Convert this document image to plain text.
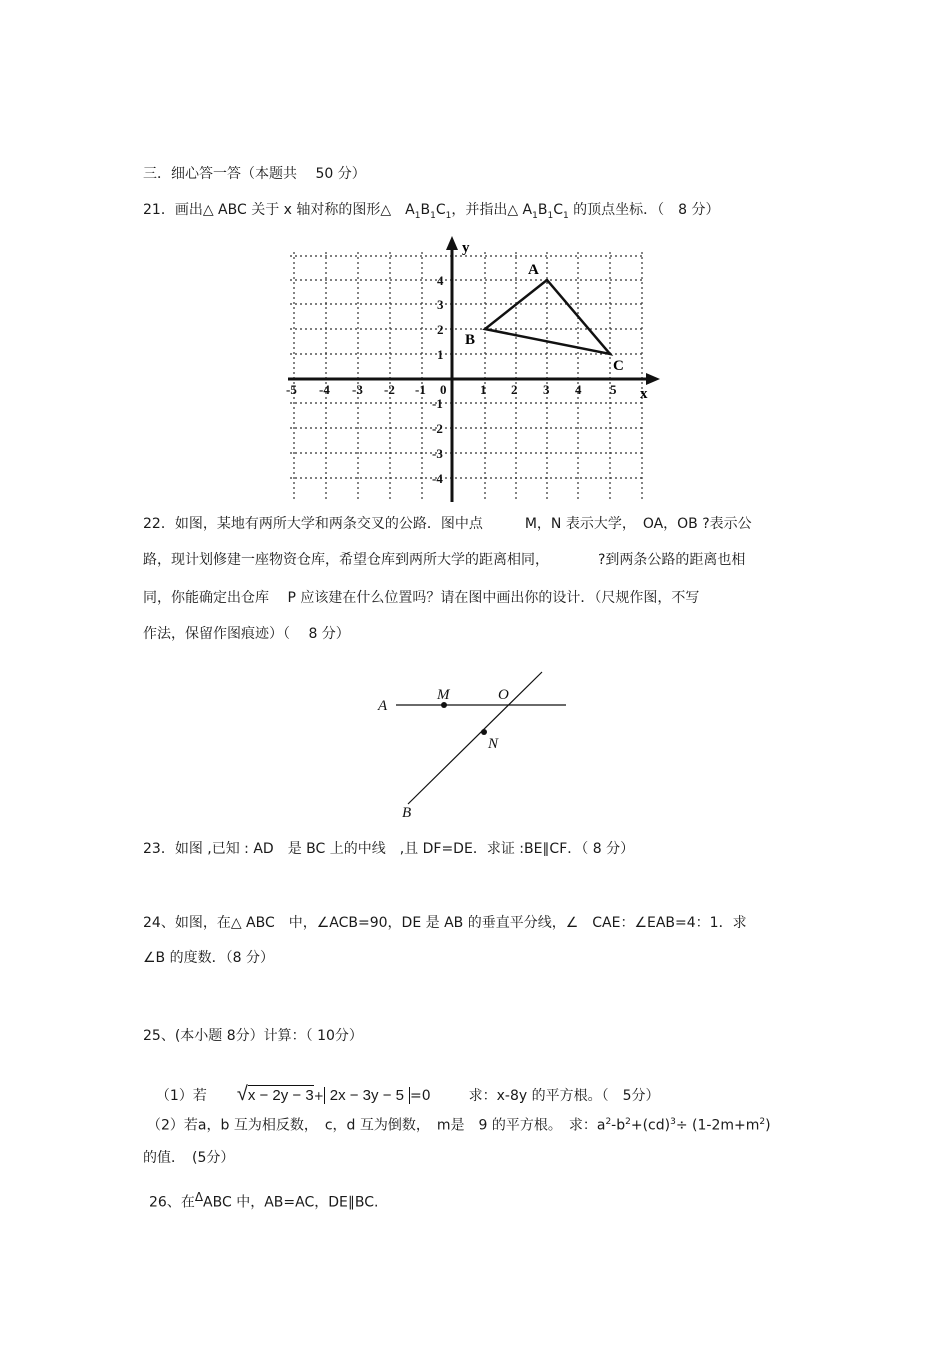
三．细心答一答（本题共　 50 分）
21．画出△ ABC 关于 x 轴对称的图形△　$A_1B_1C_1$，并指出△ $A_1B_1C_1$ 的顶点坐标．（　8 分）
-5 -4 -3 -2 -1 0	1 2 3 4 5
4
3
2
1
-1
-2
-3
-4
x
y
A
B
C
22．如图，某地有两所大学和两条交叉的公路．图中点　　　M，N 表示大学，　OA，OB ?表示公
路，现计划修建一座物资仓库，希望仓库到两所大学的距离相同，　　　　?到两条公路的距离也相
同，你能确定出仓库　 P 应该建在什么位置吗？请在图中画出你的设计．（尺规作图，不写
作法，保留作图痕迹）（　 8 分）
A
M	O
N
B
23．如图 ,已知 : AD　是 BC 上的中线　,且 DF=DE．求证 :BE∥CF．（ 8 分）
24、如图，在△ ABC　中，∠ACB=90，DE 是 AB 的垂直平分线，∠　CAE：∠EAB=4：1．求
∠B 的度数．（8 分）
25、(本小题 8分）计算：（ 10分）

（1）若 √x − 2y − 3+ 2x − 3y − 5 =0	求：x-8y 的平方根。（　5分）

（2）若a，b 互为相反数，　c，d 互为倒数，　m是　9 的平方根。　求：$a^2-b^2+(cd)^3\div (1-2m+m^2)$
的值．　(5分）
26、在$^\Delta$ABC 中，AB=AC，DE∥BC.
